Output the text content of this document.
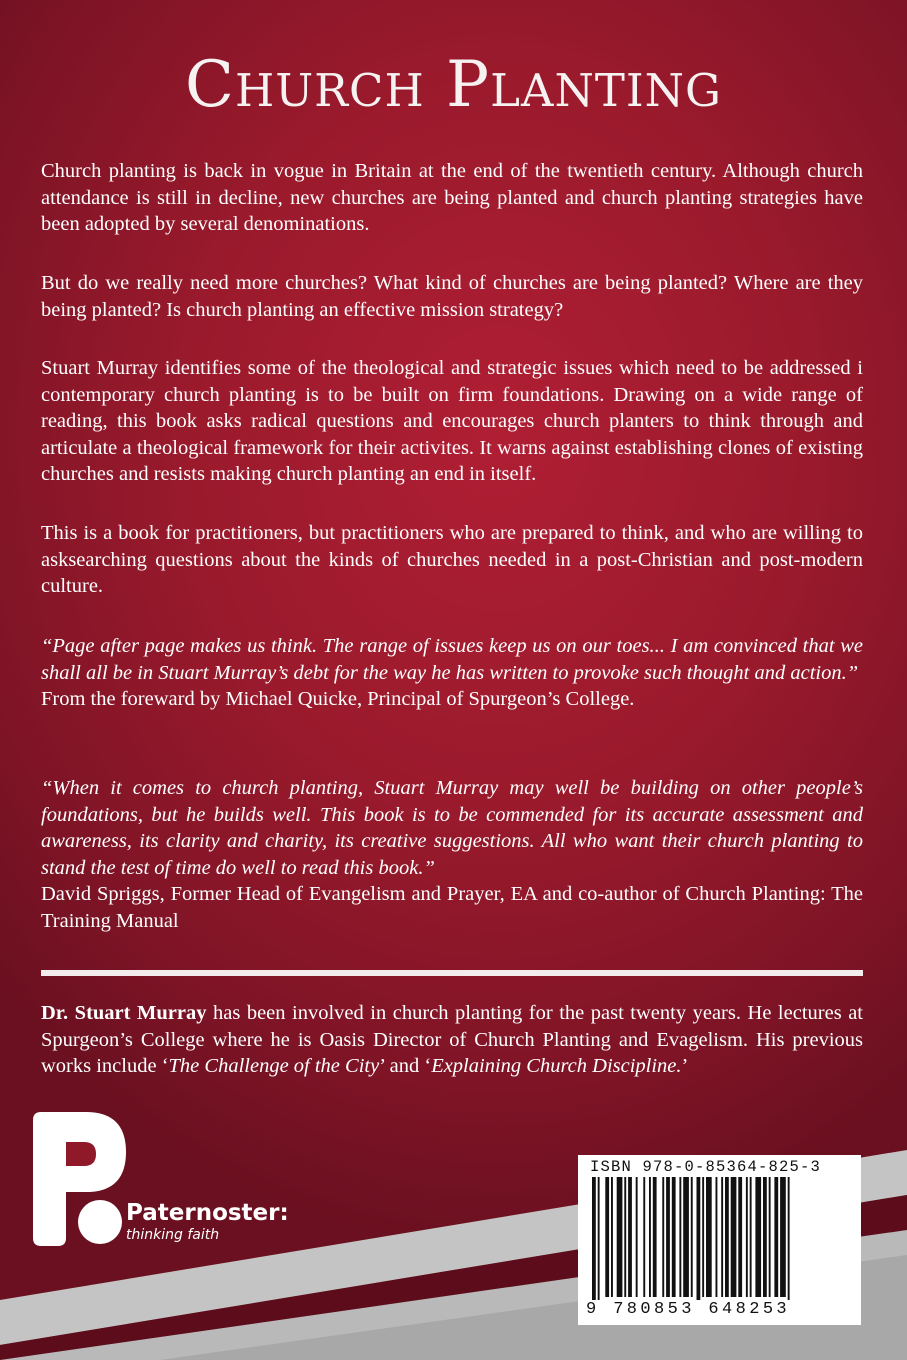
Church Planting

Church planting is back in vogue in Britain at the end of the twentieth century. Although church attendance is still in decline, new churches are being planted and church planting strategies have been adopted by several denominations.

But do we really need more churches? What kind of churches are being planted? Where are they being planted? Is church planting an effective mission strategy?

Stuart Murray identifies some of the theological and strategic issues which need to be addressed i contemporary church planting is to be built on firm foundations. Drawing on a wide range of reading, this book asks radical questions and encourages church planters to think through and articulate a theological framework for their activites. It warns against establishing clones of existing churches and resists making church planting an end in itself.

This is a book for practitioners, but practitioners who are prepared to think, and who are willing to asksearching questions about the kinds of churches needed in a post-Christian and post-modern culture.

“Page after page makes us think. The range of issues keep us on our toes... I am convinced that we shall all be in Stuart Murray’s debt for the way he has written to provoke such thought and action.”
From the foreward by Michael Quicke, Principal of Spurgeon’s College.
“When it comes to church planting, Stuart Murray may well be building on other people’s foundations, but he builds well. This book is to be commended for its accurate assessment and awareness, its clarity and charity, its creative suggestions. All who want their church planting to stand the test of time do well to read this book.”
David Spriggs, Former Head of Evangelism and Prayer, EA and co-author of Church Planting: The Training Manual

Dr. Stuart Murray has been involved in church planting for the past twenty years. He lectures at Spurgeon’s College where he is Oasis Director of Church Planting and Evagelism. His previous works include ‘The Challenge of the City’ and ‘Explaining Church Discipline.’

Paternoster:
thinking faith
ISBN 978-0-85364-825-3
9 780853 648253
